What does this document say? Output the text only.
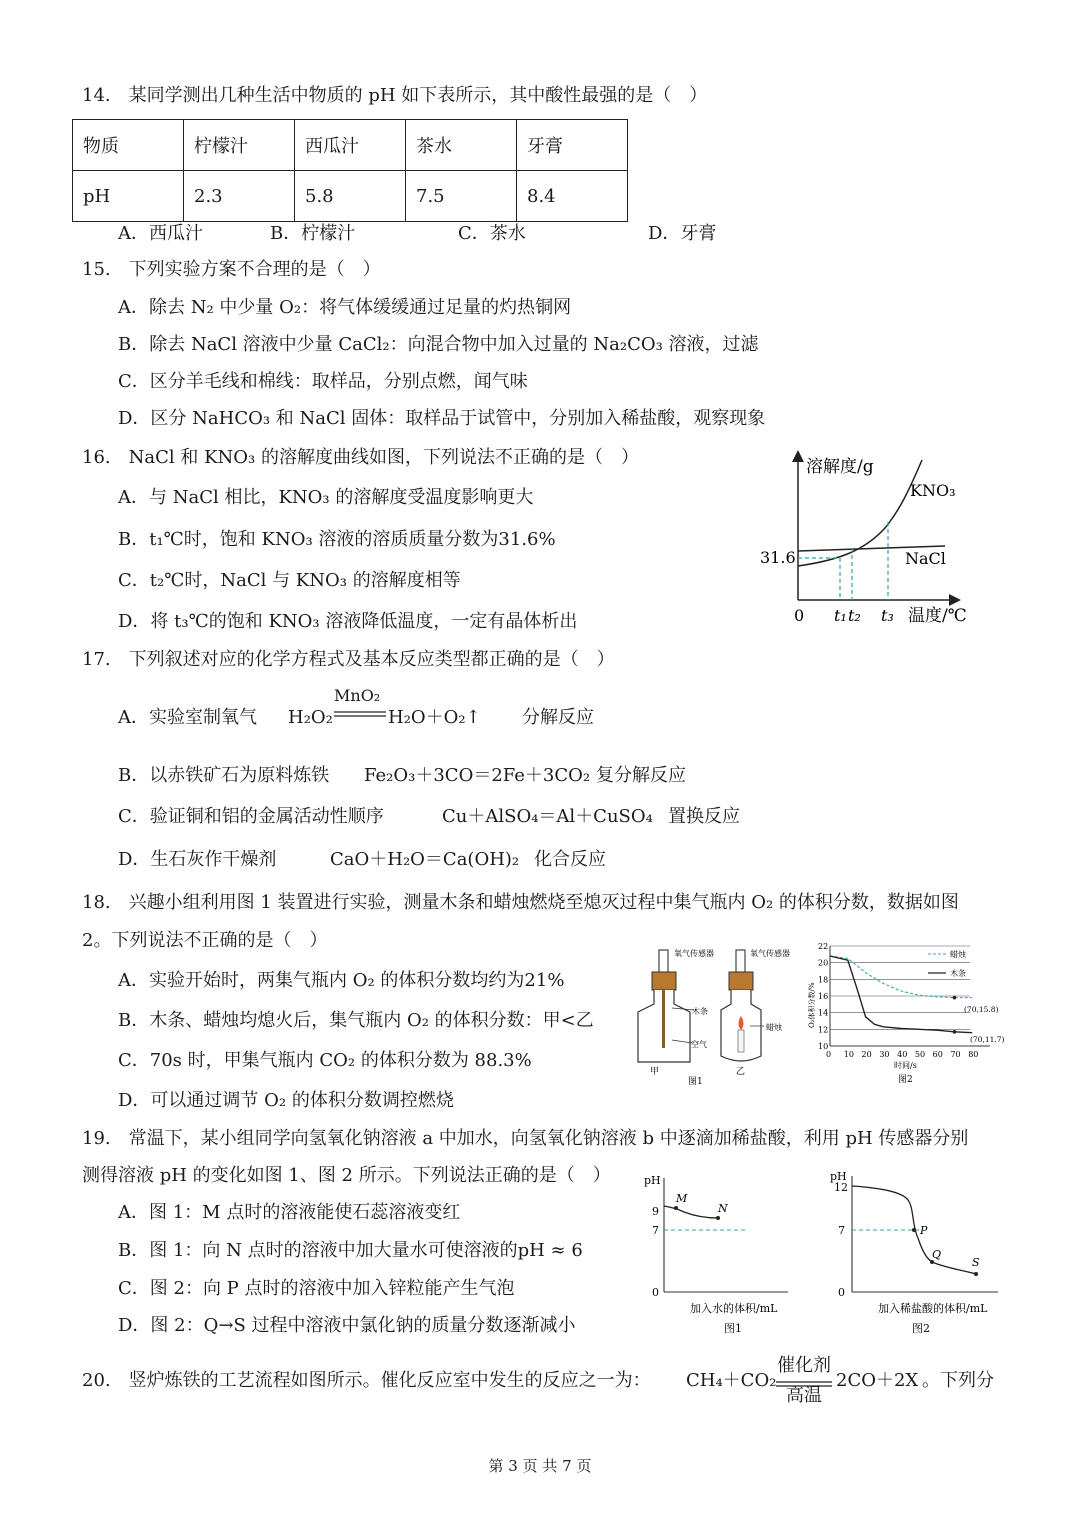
14.　某同学测出几种生活中物质的 pH 如下表所示，其中酸性最强的是（　）
物质	柠檬汁	西瓜汁	茶水	牙膏
pH	2.3	5.8	7.5	8.4
A．西瓜汁	B．柠檬汁	C．茶水	D．牙膏
15.　下列实验方案不合理的是（　）
A．除去 N₂ 中少量 O₂：将气体缓缓通过足量的灼热铜网
B．除去 NaCl 溶液中少量 CaCl₂：向混合物中加入过量的 Na₂CO₃ 溶液，过滤
C．区分羊毛线和棉线：取样品，分别点燃，闻气味
D．区分 NaHCO₃ 和 NaCl 固体：取样品于试管中，分别加入稀盐酸，观察现象
16.　NaCl 和 KNO₃ 的溶解度曲线如图，下列说法不正确的是（　）
A．与 NaCl 相比，KNO₃ 的溶解度受温度影响更大
B．t₁℃时，饱和 KNO₃ 溶液的溶质质量分数为31.6%
C．t₂℃时，NaCl 与 KNO₃ 的溶解度相等
D．将 t₃℃的饱和 KNO₃ 溶液降低温度，一定有晶体析出
溶解度/g
KNO₃
NaCl
31.6
0 t₁ t₂ t₃ 温度/℃
17.　下列叙述对应的化学方程式及基本反应类型都正确的是（　）
A．实验室制氧气 H₂O₂
MnO₂
H₂O＋O₂↑ 分解反应
B．以赤铁矿石为原料炼铁 Fe₂O₃＋3CO＝2Fe＋3CO₂ 复分解反应
C．验证铜和铝的金属活动性顺序	Cu＋AlSO₄＝Al＋CuSO₄ 置换反应
D．生石灰作干燥剂	CaO＋H₂O＝Ca(OH)₂ 化合反应
18.　兴趣小组利用图 1 装置进行实验，测量木条和蜡烛燃烧至熄灭过程中集气瓶内 O₂ 的体积分数，数据如图
2。下列说法不正确的是（　）
A．实验开始时，两集气瓶内 O₂ 的体积分数均约为21%
B．木条、蜡烛均熄火后，集气瓶内 O₂ 的体积分数：甲<乙
C．70s 时，甲集气瓶内 CO₂ 的体积分数为 88.3%
D．可以通过调节 O₂ 的体积分数调控燃烧
氧气传感器
木条
空气
甲
氧气传感器
蜡烛
乙
图1
蜡烛
木条
(70,15.8)
(70,11.7)
22
20
18
16
14
12
10
0 10 20 30 40 50 60 70 80
O₂体积分数/%
时间/s
图2
19.　常温下，某小组同学向氢氧化钠溶液 a 中加水，向氢氧化钠溶液 b 中逐滴加稀盐酸，利用 pH 传感器分别
测得溶液 pH 的变化如图 1、图 2 所示。下列说法正确的是（　）
A．图 1：M 点时的溶液能使石蕊溶液变红
B．图 1：向 N 点时的溶液中加大量水可使溶液的pH ≈ 6
C．图 2：向 P 点时的溶液中加入锌粒能产生气泡
D．图 2：Q→S 过程中溶液中氯化钠的质量分数逐渐减小
pH
9
7
0
M
N
加入水的体积/mL
图1
pH
12
7
0
P
Q
S
加入稀盐酸的体积/mL
图2
20.　竖炉炼铁的工艺流程如图所示。催化反应室中发生的反应之一为： CH₄＋CO₂
催化剂
高温
2CO＋2X 。下列分
第 3 页 共 7 页
